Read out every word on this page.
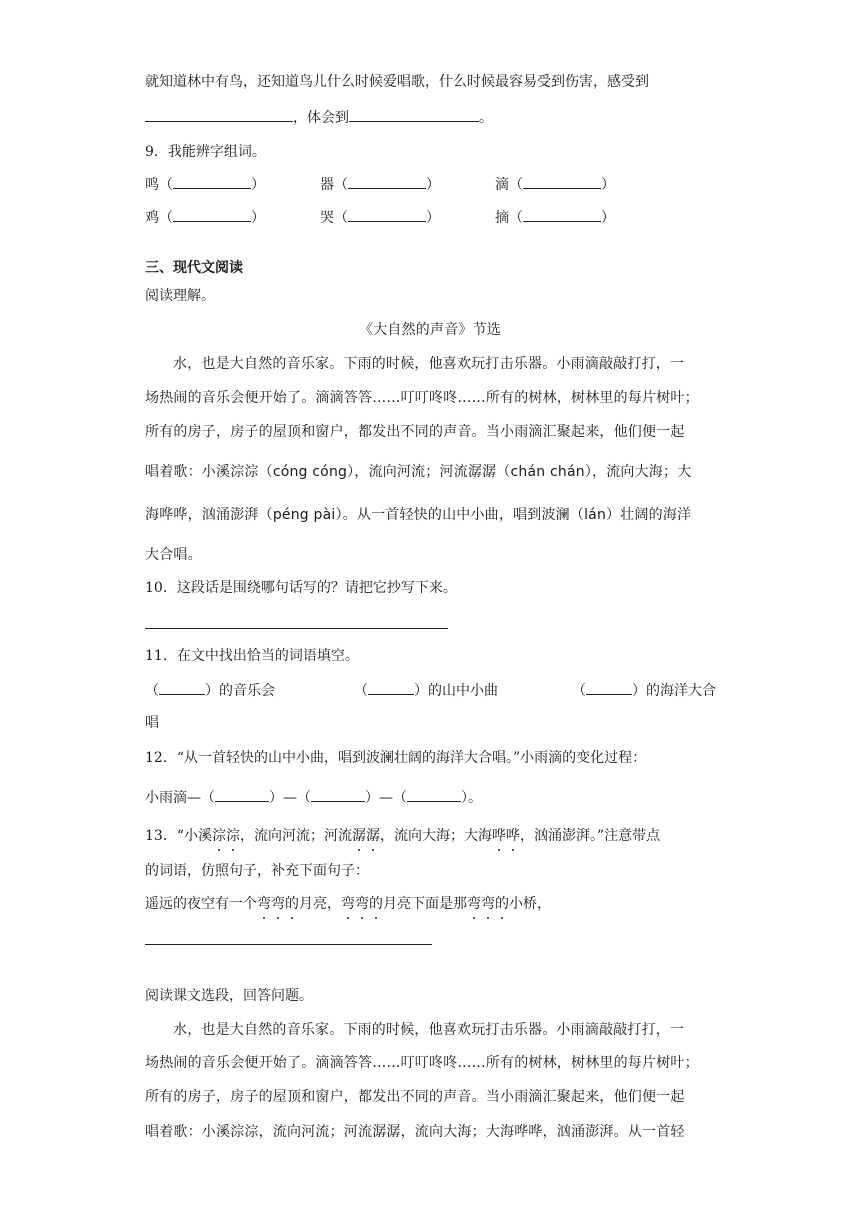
就知道林中有鸟，还知道鸟儿什么时候爱唱歌，什么时候最容易受到伤害，感受到
，体会到	。
9．我能辨字组词。
鸣（	）	器（	）	滴（	）
鸡（	）	哭（	）	摘（	）
三、现代文阅读
阅读理解。
《大自然的声音》节选
水，也是大自然的音乐家。下雨的时候，他喜欢玩打击乐器。小雨滴敲敲打打，一
场热闹的音乐会便开始了。滴滴答答……叮叮咚咚……所有的树林，树林里的每片树叶；
所有的房子，房子的屋顶和窗户，都发出不同的声音。当小雨滴汇聚起来，他们便一起
唱着歌：小溪淙淙（cóng cóng），流向河流；河流潺潺（chán chán），流向大海；大
海哗哗，汹涌澎湃（péng pài）。从一首轻快的山中小曲，唱到波澜（lán）壮阔的海洋
大合唱。
10．这段话是围绕哪句话写的？请把它抄写下来。
11．在文中找出恰当的词语填空。
（	）的音乐会	（	）的山中小曲	（	）的海洋大合
唱
12．“从一首轻快的山中小曲，唱到波澜壮阔的海洋大合唱。”小雨滴的变化过程：
小雨滴—（	）—（	）—（	）。
13．“小溪淙淙，流向河流；河流潺潺，流向大海；大海哗哗，汹涌澎湃。”注意带点
的词语，仿照句子，补充下面句子：
遥远的夜空有一个弯弯的月亮，弯弯的月亮下面是那弯弯的小桥，
阅读课文选段，回答问题。
水，也是大自然的音乐家。下雨的时候，他喜欢玩打击乐器。小雨滴敲敲打打，一
场热闹的音乐会便开始了。滴滴答答……叮叮咚咚……所有的树林，树林里的每片树叶；
所有的房子，房子的屋顶和窗户，都发出不同的声音。当小雨滴汇聚起来，他们便一起
唱着歌：小溪淙淙，流向河流；河流潺潺，流向大海；大海哗哗，汹涌澎湃。从一首轻
